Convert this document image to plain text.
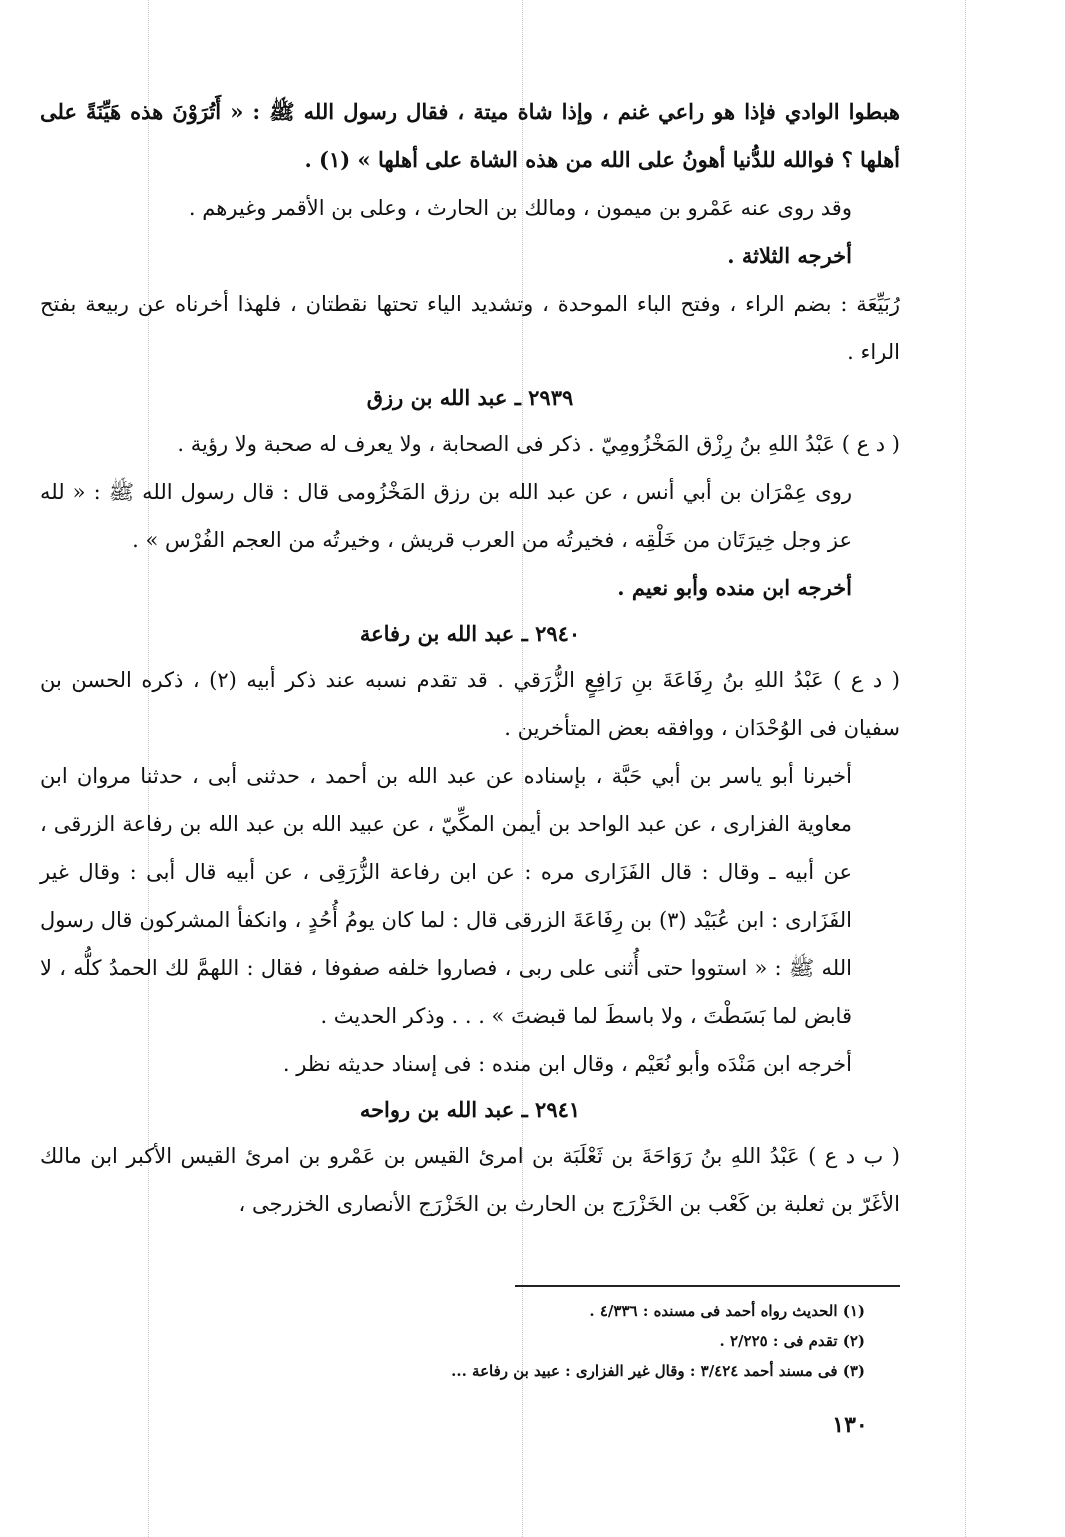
هبطوا الوادي فإذا هو راعي غنم ، وإذا شاة ميتة ، فقال رسول الله ﷺ : « أَتُرَوْنَ هذه هَيِّنَةً على أهلها ؟ فوالله للدُّنيا أهونُ على الله من هذه الشاة على أهلها » (١) .

وقد روى عنه عَمْرو بن ميمون ، ومالك بن الحارث ، وعلى بن الأقمر وغيرهم .

أخرجه الثلاثة .

رُبَيِّعَة : بضم الراء ، وفتح الباء الموحدة ، وتشديد الياء تحتها نقطتان ، فلهذا أخرناه عن ربيعة بفتح الراء .

٢٩٣٩ ـ عبد الله بن رزق

( د ع ) عَبْدُ اللهِ بنُ رِزْق المَخْزُومِيّ . ذكر فى الصحابة ، ولا يعرف له صحبة ولا رؤية .

روى عِمْرَان بن أبي أنس ، عن عبد الله بن رزق المَخْزُومى قال : قال رسول الله ﷺ : « لله عز وجل خِيرَتَان من خَلْقِه ، فخيرتُه من العرب قريش ، وخيرتُه من العجم الفُرْس » .

أخرجه ابن منده وأبو نعيم .

٢٩٤٠ ـ عبد الله بن رفاعة

( د ع ) عَبْدُ اللهِ بنُ رِفَاعَةَ بنِ رَافِعٍ الزُّرَقي . قد تقدم نسبه عند ذكر أبيه (٢) ، ذكره الحسن بن سفيان فى الوُحْدَان ، ووافقه بعض المتأخرين .

أخبرنا أبو ياسر بن أبي حَبَّة ، بإسناده عن عبد الله بن أحمد ، حدثنى أبى ، حدثنا مروان ابن معاوية الفزارى ، عن عبد الواحد بن أيمن المكِّيّ ، عن عبيد الله بن عبد الله بن رفاعة الزرقى ، عن أبيه ـ وقال : قال الفَزَارى مره : عن ابن رفاعة الزُّرَقِى ، عن أبيه قال أبى : وقال غير الفَزَارى : ابن عُبَيْد (٣) بن رِفَاعَةَ الزرقى قال : لما كان يومُ أُحُدٍ ، وانكفأ المشركون قال رسول الله ﷺ : « استووا حتى أُثنى على ربى ، فصاروا خلفه صفوفا ، فقال : اللهمَّ لك الحمدُ كلُّه ، لا قابض لما بَسَطْتَ ، ولا باسطَ لما قبضتَ » . . . وذكر الحديث .

أخرجه ابن مَنْدَه وأبو نُعَيْم ، وقال ابن منده : فى إسناد حديثه نظر .

٢٩٤١ ـ عبد الله بن رواحه

( ب د ع ) عَبْدُ اللهِ بنُ رَوَاحَةَ بن ثَعْلَبَة بن امرئ القيس بن عَمْرو بن امرئ القيس الأكبر ابن مالك الأغَرّ بن ثعلبة بن كَعْب بن الخَزْرَج بن الحارث بن الخَزْرَج الأنصارى الخزرجى ،

(١) الحديث رواه أحمد فى مسنده : ٤/٣٣٦ .

(٢) تقدم فى : ٢/٢٢٥ .

(٣) فى مسند أحمد ٣/٤٢٤ : وقال غير الفزارى : عبيد بن رفاعة ...

١٣٠
